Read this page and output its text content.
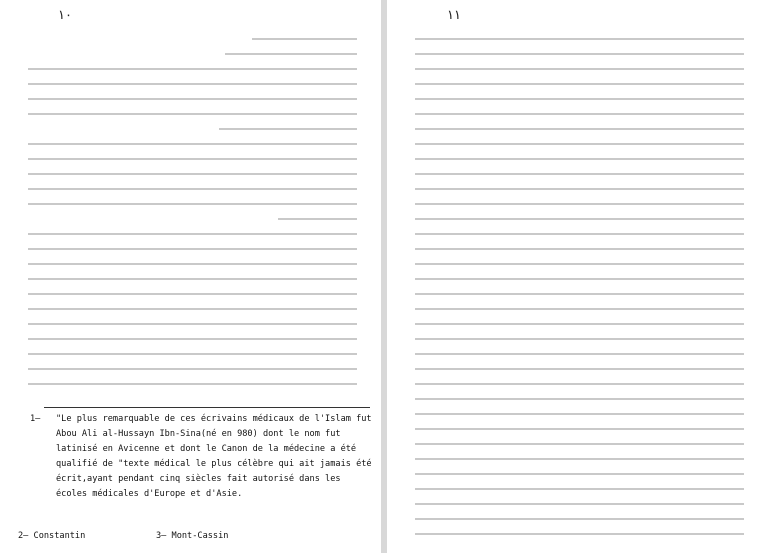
۱۰
1— "Le plus remarquable de ces écrivains médicaux de l'Islam fut Abou Ali al-Hussayn Ibn-Sina(né en 980) dont le nom fut latinisé en Avicenne et dont le Canon de la médecine a été qualifié de "texte médical le plus célèbre qui ait jamais été écrit,ayant pendant cinq siècles fait autorisé dans les écoles médicales d'Europe et d'Asie.
2— Constantin	3— Mont-Cassin
۱۱
